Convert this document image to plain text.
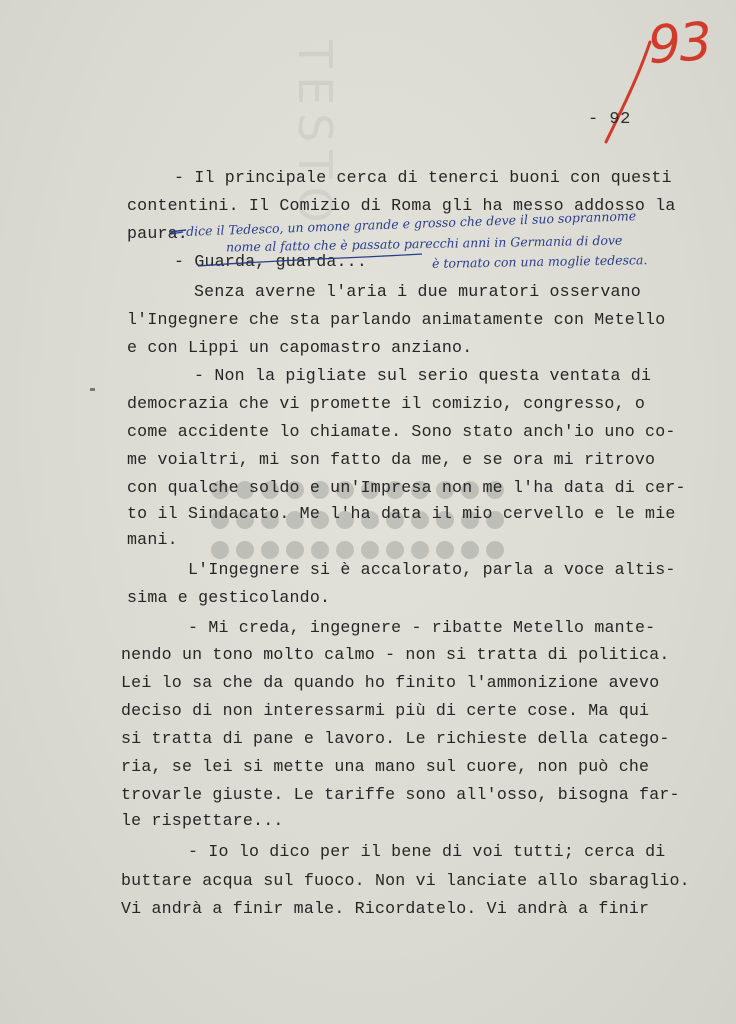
TESTO	93
- 92
- Il principale cerca di tenerci buoni con questi
contentini. Il Comizio di Roma gli ha messo addosso la
paura.
- Guarda, guarda...
Senza averne l'aria i due muratori osservano
l'Ingegnere che sta parlando animatamente con Metello
e con Lippi un capomastro anziano.
- Non la pigliate sul serio questa ventata di
democrazia che vi promette il comizio, congresso, o
come accidente lo chiamate. Sono stato anch'io uno co-
me voialtri, mi son fatto da me, e se ora mi ritrovo
con qualche soldo e un'Impresa non me l'ha data di cer-
to il Sindacato. Me l'ha data il mio cervello e le mie
mani.
L'Ingegnere si è accalorato, parla a voce altis-
sima e gesticolando.
- Mi creda, ingegnere - ribatte Metello mante-
nendo un tono molto calmo - non si tratta di politica.
Lei lo sa che da quando ho finito l'ammonizione avevo
deciso di non interessarmi più di certe cose. Ma qui
si tratta di pane e lavoro. Le richieste della catego-
ria, se lei si mette una mano sul cuore, non può che
trovarle giuste. Le tariffe sono all'osso, bisogna far-
le rispettare...
- Io lo dico per il bene di voi tutti; cerca di
buttare acqua sul fuoco. Non vi lanciate allo sbaraglio.
Vi andrà a finir male. Ricordatelo. Vi andrà a finir
dice il Tedesco, un omone grande e grosso che deve il suo soprannome
nome al fatto che è passato parecchi anni in Germania di dove
è tornato con una moglie tedesca.
